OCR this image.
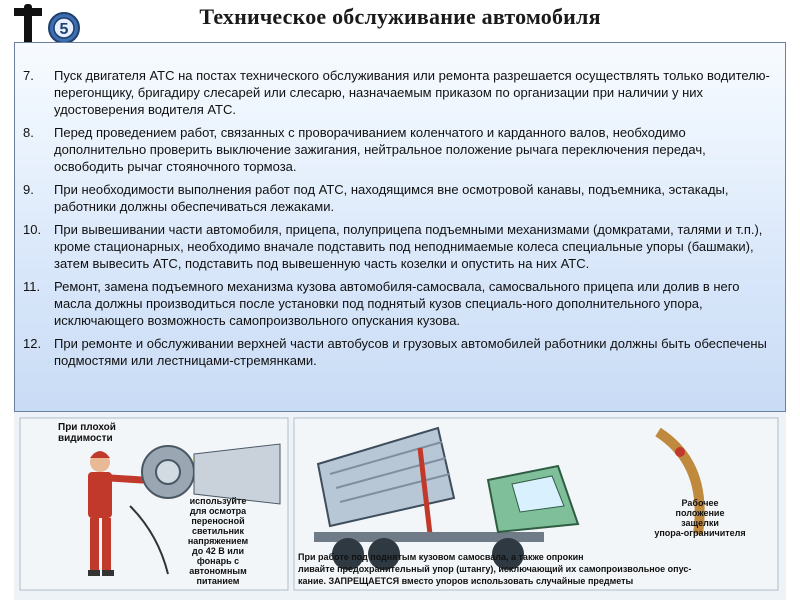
5
Техническое обслуживание автомобиля
7. Пуск двигателя АТС на постах технического обслуживания или ремонта разрешается осуществлять только водителю-перегонщику, бригадиру слесарей или слесарю, назначаемым приказом по организации при наличии у них удостоверения водителя АТС.
8. Перед проведением работ, связанных с проворачиванием коленчатого и карданного валов, необходимо дополнительно проверить выключение зажигания, нейтральное положение рычага переключения передач, освободить рычаг стояночного тормоза.
9. При необходимости выполнения работ под АТС, находящимся вне осмотровой канавы, подъемника, эстакады, работники должны обеспечиваться лежаками.
10. При вывешивании части автомобиля, прицепа, полуприцепа подъемными механизмами (домкратами, талями и т.п.), кроме стационарных, необходимо вначале подставить под неподнимаемые колеса специальные упоры (башмаки), затем вывесить АТС, подставить под вывешенную часть козелки и опустить на них АТС.
11. Ремонт, замена подъемного механизма кузова автомобиля-самосвала, самосвального прицепа или долив в него масла должны производиться после установки под поднятый кузов специаль-ного дополнительного упора, исключающего возможность самопроизвольного опускания кузова.
12. При ремонте и обслуживании верхней части автобусов и грузовых автомобилей работники должны быть обеспечены подмостями или лестницами-стремянками.
При плохой
видимости
используйте
для осмотра
переносной
светильник
напряжением
до 42 В или
фонарь с
автономным
питанием
Рабочее
положение
защелки
упора-ограничителя
При работе под поднятым кузовом самосвала, а также опрокин
ливайте предохранительный упор (штангу), исключающий их самопроизвольное опус-
кание. ЗАПРЕЩАЕТСЯ вместо упоров использовать случайные предметы
